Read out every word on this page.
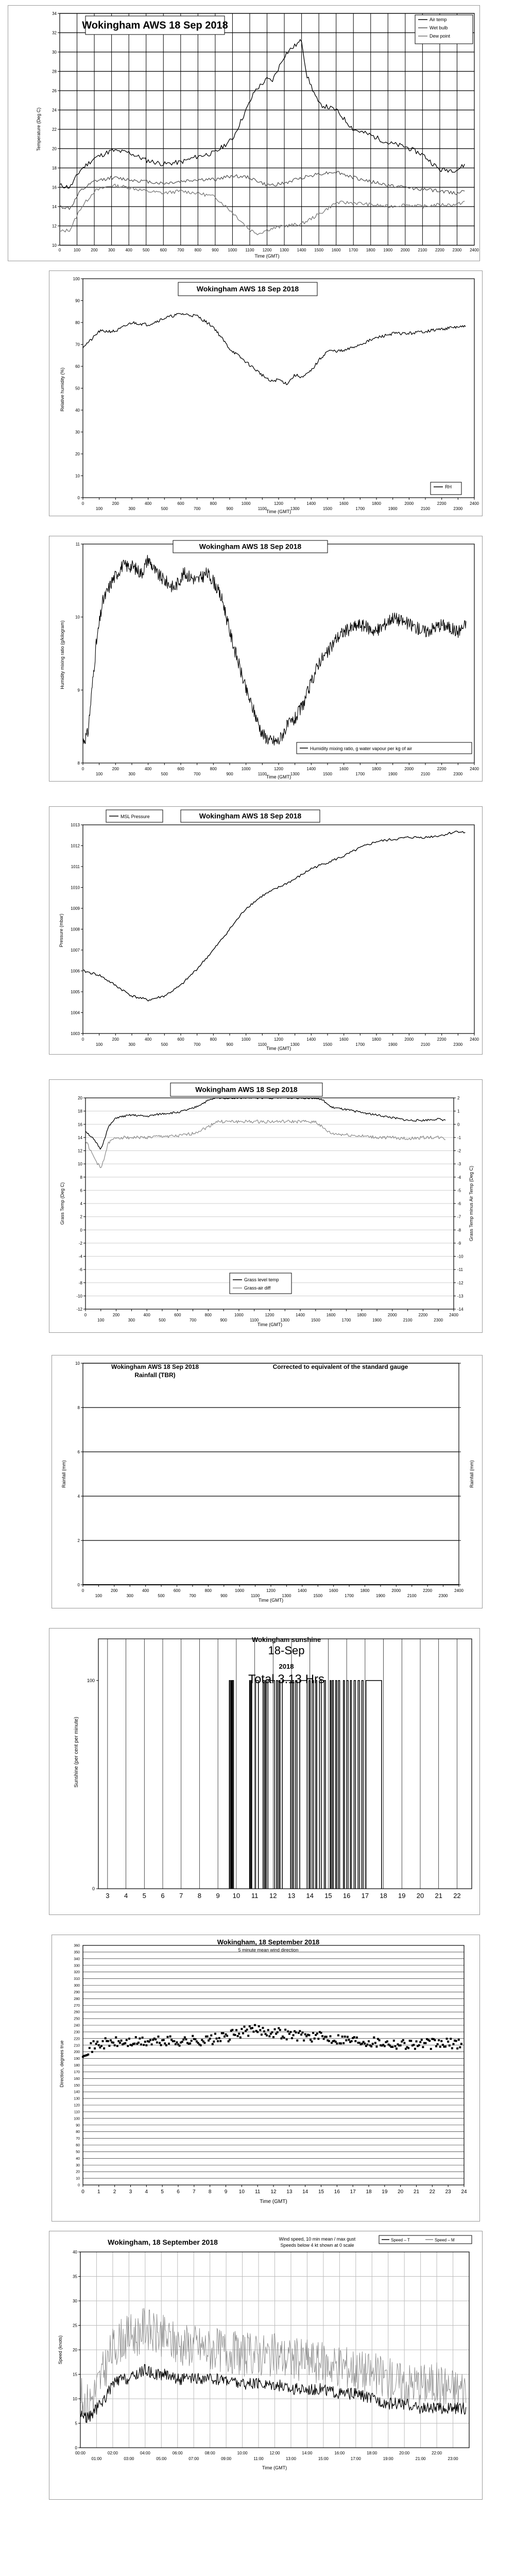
10
12
14
16
18
20
22
24
26
28
30
32
34
0	100	200	300	400	500	600	700	800	900 1000 1100 1200 1300 1400 1500 1600 1700 1800 1900 2000 2100 2200 2300 2400
Wokingham AWS 18 Sep 2018
Air temp
Wet bulb
Dew point
Temperature (Deg C)
Time (GMT)
0
10
20
30
40
50
60
70
80
90
100
0	200	400	600	800	1000	1200	1400	1600	1800	2000	2200	2400
100	300	500	700	900	1100	1300	1500	1700	1900	2100	2300
Wokingham AWS 18 Sep 2018
RH
Relative humidity (%)
Time (GMT)
8
9
10
11
0	200	400	600	800	1000	1200	1400	1600	1800	2000	2200	2400
100	300	500	700	900	1100	1300	1500	1700	1900	2100	2300
Wokingham AWS 18 Sep 2018
Humidity mixing ratio, g water vapour per kg of air
Humidity mixing ratio (g/kilogram)
Time (GMT)
1003
1004
1005
1006
1007
1008
1009
1010
1011
1012
1013
0	200	400	600	800	1000	1200	1400	1600	1800	2000	2200	2400
100	300	500	700	900	1100	1300	1500	1700	1900	2100	2300
MSL Pressure	Wokingham AWS 18 Sep 2018
Pressure (mbar)
Time (GMT)
-12
-10
-8
-6
-4
-2
0
2
4
6
8
10
12
14
16
18
20
-14
-13
-12
-11
-10
-9
-8
-7
-6
-5
-4
-3
-2
-1
0
1
2
0	200	400	600	800	1000	1200	1400	1600	1800	2000	2200	2400
100	300	500	700	900	1100	1300	1500	1700	1900	2100	2300
Wokingham AWS 18 Sep 2018
Grass level temp
Grass-air diff
Grass Temp (Deg C)	Grass Temp minus Air Temp (Deg C)
Time (GMT)
0
2
4
6
8
10
0	200	400	600	800	1000	1200	1400	1600	1800	2000	2200	2400
100	300	500	700	900	1100	1300	1500	1700	1900	2100	2300
Wokingham AWS 18 Sep 2018
Rainfall (TBR)
Corrected to equivalent of the standard gauge
Rainfall (mm)	Rainfall (mm)
Time (GMT)
3 4 5 6 7 8 9 10 11 12 13 14 15 16 17 18 19 20 21 22
0
100
Wokingham sunshine
18-Sep
2018
Total 3.13 Hrs
Sunshine (per cent per minute)
0
10
20
30
40
50
60
70
80
90
100
110
120
130
140
150
160
170
180
190
200
210
220
230
240
250
260
270
280
290
300
310
320
330
340
350
360
0	1	2	3	4	5	6	7	8	9 10 11 12 13 14 15 16 17 18 19 20 21 22 23 24
Wokingham, 18 September 2018
5 minute mean wind direction
Direction, degrees true
Time (GMT)
0
5
10
15
20
25
30
35
40
00:00	02:00	04:00	06:00	08:00	10:00	12:00	14:00	16:00	18:00	20:00	22:00
01:00	03:00	05:00	07:00	09:00	11:00	13:00	15:00	17:00	19:00	21:00	23:00
Wokingham, 18 September 2018	Wind speed, 10 min mean / max gust
Speeds below 4 kt shown at 0 scale
Speed – T	Speed – M
Speed (knots)
Time (GMT)
